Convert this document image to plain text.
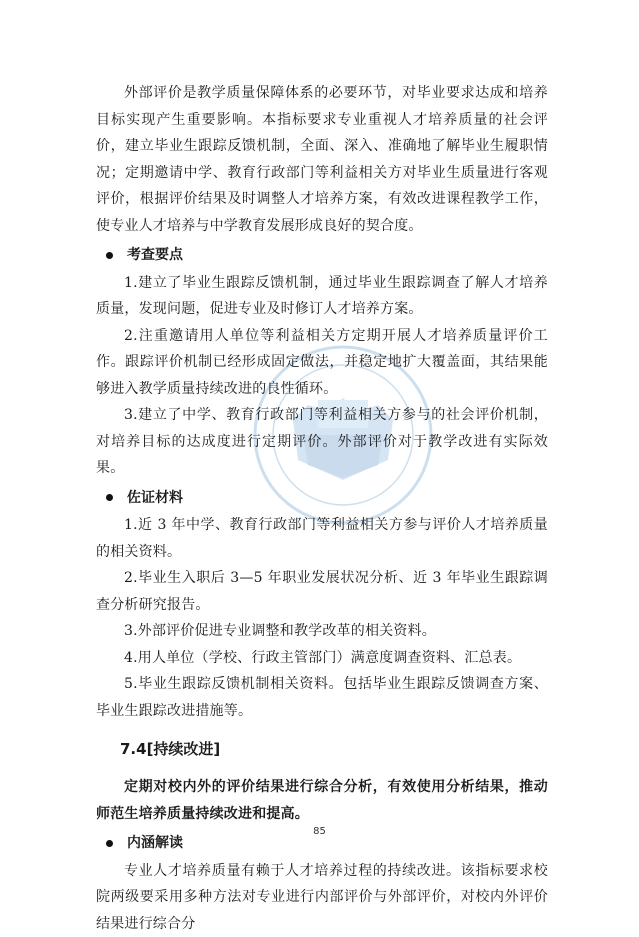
外部评价是教学质量保障体系的必要环节，对毕业要求达成和培养目标实现产生重要影响。本指标要求专业重视人才培养质量的社会评价，建立毕业生跟踪反馈机制，全面、深入、准确地了解毕业生履职情况；定期邀请中学、教育行政部门等利益相关方对毕业生质量进行客观评价，根据评价结果及时调整人才培养方案，有效改进课程教学工作，使专业人才培养与中学教育发展形成良好的契合度。

考查要点

1.建立了毕业生跟踪反馈机制，通过毕业生跟踪调查了解人才培养质量，发现问题，促进专业及时修订人才培养方案。

2.注重邀请用人单位等利益相关方定期开展人才培养质量评价工作。跟踪评价机制已经形成固定做法，并稳定地扩大覆盖面，其结果能够进入教学质量持续改进的良性循环。

3.建立了中学、教育行政部门等利益相关方参与的社会评价机制，对培养目标的达成度进行定期评价。外部评价对于教学改进有实际效果。

佐证材料

1.近 3 年中学、教育行政部门等利益相关方参与评价人才培养质量的相关资料。

2.毕业生入职后 3—5 年职业发展状况分析、近 3 年毕业生跟踪调查分析研究报告。

3.外部评价促进专业调整和教学改革的相关资料。

4.用人单位（学校、行政主管部门）满意度调查资料、汇总表。

5.毕业生跟踪反馈机制相关资料。包括毕业生跟踪反馈调查方案、毕业生跟踪改进措施等。

7.4[持续改进]

定期对校内外的评价结果进行综合分析，有效使用分析结果，推动师范生培养质量持续改进和提高。

内涵解读

专业人才培养质量有赖于人才培养过程的持续改进。该指标要求校院两级要采用多种方法对专业进行内部评价与外部评价，对校内外评价结果进行综合分

85
